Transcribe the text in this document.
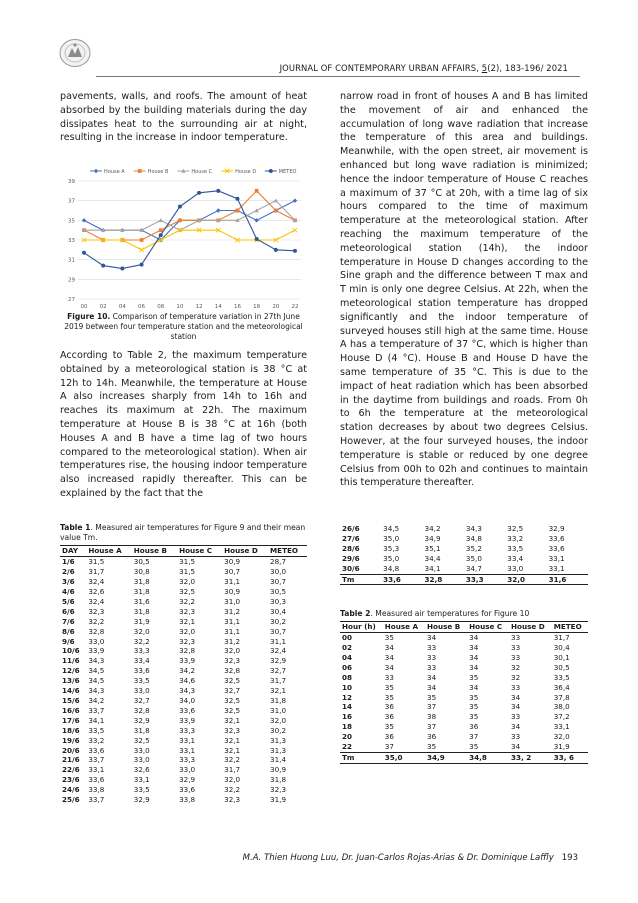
JOURNAL OF CONTEMPORARY URBAN AFFAIRS, 5(2), 183-196/ 2021

pavements, walls, and roofs. The amount of heat absorbed by the building materials during the day dissipates heat to the surrounding air at night, resulting in the increase in indoor temperature.

House A	House B	House C	House D	METEO
27
29
31
33
35
37
39
00 02 04 06 08 10 12 14 16 18 20 22
Figure 10. Comparison of temperature variation in 27th June 2019 between four temperature station and the meteorological station

According to Table 2, the maximum temperature obtained by a meteorological station is 38 °C at 12h to 14h. Meanwhile, the temperature at House A also increases sharply from 14h to 16h and reaches its maximum at 22h. The maximum temperature at House B is 38 °C at 16h (both Houses A and B have a time lag of two hours compared to the meteorological station). When air temperatures rise, the housing indoor temperature also increased rapidly thereafter. This can be explained by the fact that the

narrow road in front of houses A and B has limited the movement of air and enhanced the accumulation of long wave radiation that increase the temperature of this area and buildings. Meanwhile, with the open street, air movement is enhanced but long wave radiation is minimized; hence the indoor temperature of House C reaches a maximum of 37 °C at 20h, with a time lag of six hours compared to the time of maximum temperature at the meteorological station. After reaching the maximum temperature of the meteorological station (14h), the indoor temperature in House D changes according to the Sine graph and the difference between T max and T min is only one degree Celsius. At 22h, when the meteorological station temperature has dropped significantly and the indoor temperature of surveyed houses still high at the same time. House A has a temperature of 37 °C, which is higher than House D (4 °C). House B and House D have the same temperature of 35 °C. This is due to the impact of heat radiation which has been absorbed in the daytime from buildings and roads. From 0h to 6h the temperature at the meteorological station decreases by about two degrees Celsius. However, at the four surveyed houses, the indoor temperature is stable or reduced by one degree Celsius from 00h to 02h and continues to maintain this temperature thereafter.

Table 1. Measured air temperatures for Figure 9 and their mean value Tm.
DAY	House A	House B	House C	House D	METEO
1/6	31,5	30,5	31,5	30,9	28,7
2/6	31,7	30,8	31,5	30,7	30,0
3/6	32,4	31,8	32,0	31,1	30,7
4/6	32,6	31,8	32,5	30,9	30,5
5/6	32,4	31,6	32,2	31,0	30,3
6/6	32,3	31,8	32,3	31,2	30,4
7/6	32,2	31,9	32,1	31,1	30,2
8/6	32,8	32,0	32,0	31,1	30,7
9/6	33,0	32,2	32,3	31,2	31,1
10/6	33,9	33,3	32,8	32,0	32,4
11/6	34,3	33,4	33,9	32,3	32,9
12/6	34,5	33,6	34,2	32,8	32,7
13/6	34,5	33,5	34,6	32,5	31,7
14/6	34,3	33,0	34,3	32,7	32,1
15/6	34,2	32,7	34,0	32,5	31,8
16/6	33,7	32,8	33,6	32,5	31,0
17/6	34,1	32,9	33,9	32,1	32,0
18/6	33,5	31,8	33,3	32,3	30,2
19/6	33,2	32,5	33,1	32,1	31,3
20/6	33,6	33,0	33,1	32,1	31,3
21/6	33,7	33,0	33,3	32,2	31,4
22/6	33,1	32,6	33,0	31,7	30,9
23/6	33,6	33,1	32,9	32,0	31,8
24/6	33,8	33,5	33,6	32,2	32,3
25/6	33,7	32,9	33,8	32,3	31,9
26/6	34,5	34,2	34,3	32,5	32,9
27/6	35,0	34,9	34,8	33,2	33,6
28/6	35,3	35,1	35,2	33,5	33,6
29/6	35,0	34,4	35,0	33,4	33,1
30/6	34,8	34,1	34,7	33,0	33,1
Tm	33,6	32,8	33,3	32,0	31,6
Table 2. Measured air temperatures for Figure 10
Hour (h)	House A	House B	House C	House D	METEO
00	35	34	34	33	31,7
02	34	33	34	33	30,4
04	34	33	34	33	30,1
06	34	33	34	32	30,5
08	33	34	35	32	33,5
10	35	34	34	33	36,4
12	35	35	35	34	37,8
14	36	37	35	34	38,0
16	36	38	35	33	37,2
18	35	37	36	34	33,1
20	36	36	37	33	32,0
22	37	35	35	34	31,9
Tm	35,0	34,9	34,8	33, 2	33, 6
M.A. Thien Huong Luu, Dr. Juan-Carlos Rojas-Arias & Dr. Dominique Laffly 193
